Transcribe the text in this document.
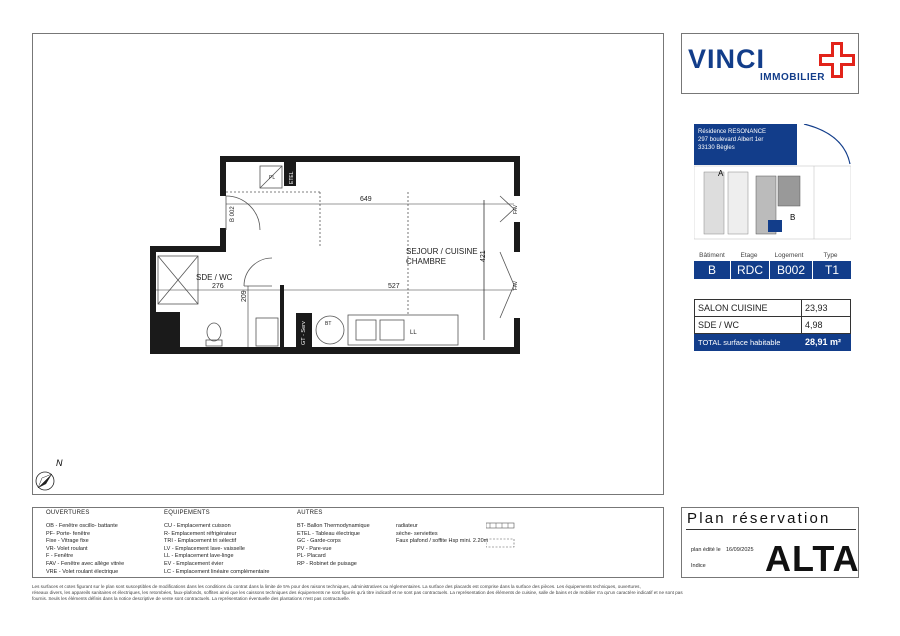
649
421
527
276
209
B 002
SEJOUR / CUISINE
CHAMBRE
SDE / WC
PL	ETEL
FAV
FAV
GT - Serv	BT
LL
N
VINCI
IMMOBILIER
Résidence RESONANCE
297 boulevard Albert 1er
33130 Bègles
A
B
Bâtiment	Etage	Logement	Type
B	RDC	B002	T1
SALON CUISINE	23,93
SDE / WC	4,98
TOTAL surface habitable	28,91 m²
OUVERTURES
OB - Fenêtre oscillo- battante
PF- Porte- fenêtre
Fixe - Vitrage fixe
VR- Volet roulant
F - Fenêtre
FAV - Fenêtre avec allège vitrée
VRE - Volet roulant électrique
EQUIPEMENTS
CU - Emplacement cuisson
R- Emplacement réfrigérateur
TRI - Emplacement tri sélectif
LV - Emplacement lave- vaisselle
LL - Emplacement lave-linge
EV - Emplacement évier
LC - Emplacement linéaire complémentaire
AUTRES
BT- Ballon Thermodynamique
ETEL - Tableau électrique
GC - Garde-corps
PV - Pare-vue
PL- Placard
RP - Robinet de puisage
radiateur
sèche- serviettes
Faux plafond / soffite Hsp mini. 2.20m
Plan réservation
plan édité le 16/09/2025
Indice ALTA
Les surfaces et cotes figurant sur le plan sont susceptibles de modifications dans les conditions du contrat dans la limite de 5% pour des raisons techniques, administratives ou réglementaires. La surface des placards est comprise dans la surface des pièces. Les équipements techniques, ouvertures,
réseaux divers, les appareils sanitaires et électriques, les retombées, faux-plafonds, soffites ainsi que les caissons techniques des équipements ne sont figurés qu'à titre indicatif et ne sont pas contractuels. La représentation des éléments de cuisine, salle de bains et de mobilier n'a qu'un caractère indicatif et ne sont pas
fournis. Seuls les éléments définis dans la notice descriptive de vente sont contractuels. La représentation éventuelle des plantations n'est pas contractuelle.
